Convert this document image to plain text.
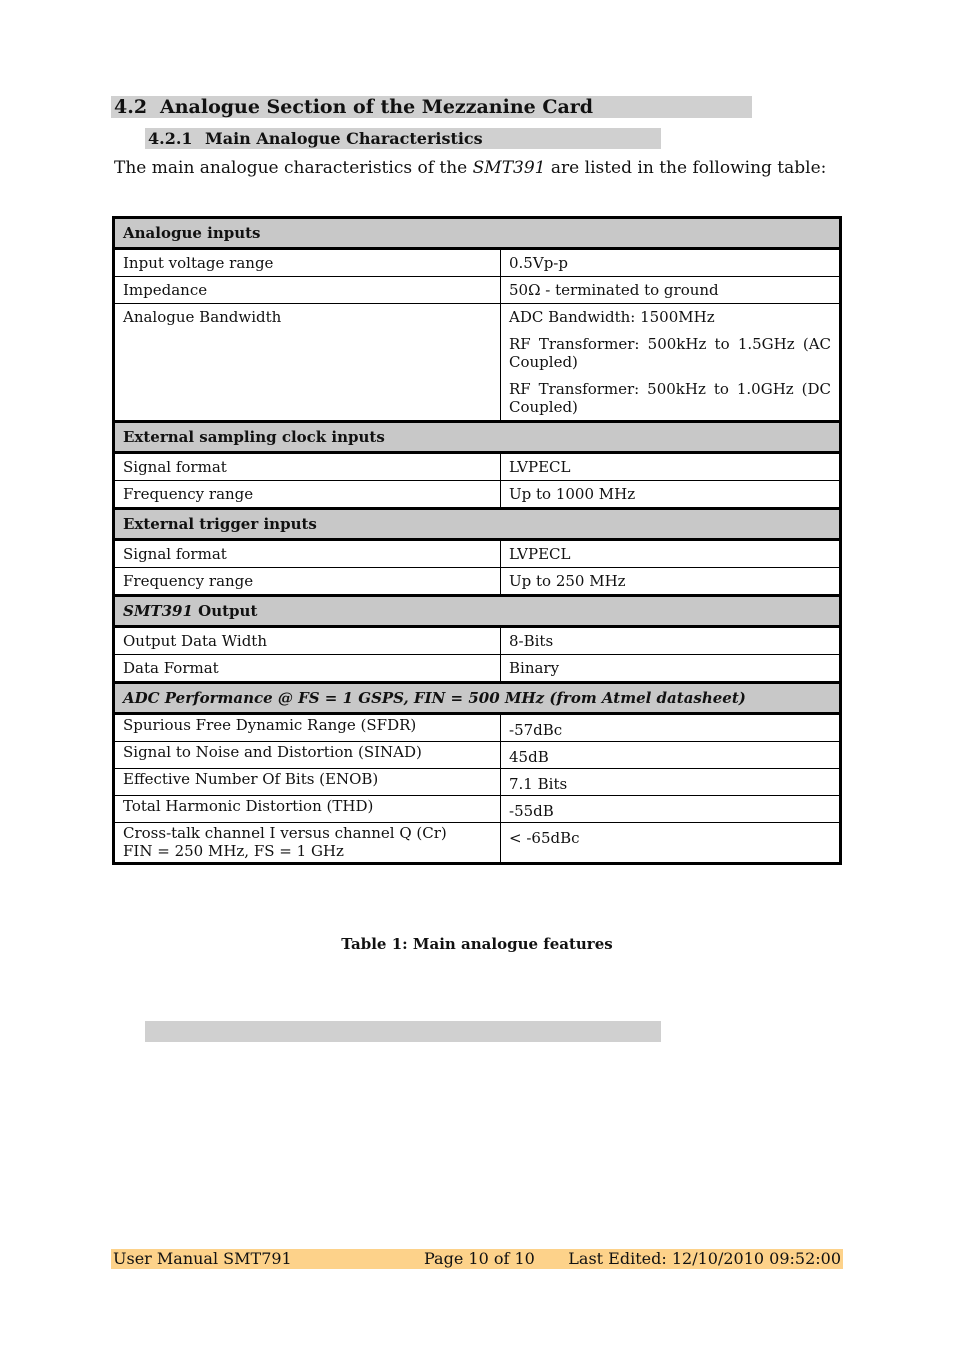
4.2 Analogue Section of the Mezzanine Card
4.2.1 Main Analogue Characteristics
The main analogue characteristics of the SMT391 are listed in the following table:
Analogue inputs	
Input voltage range	0.5Vp-p
Impedance	50Ω - terminated to ground
Analogue Bandwidth	ADC Bandwidth: 1500MHz

RF Transformer: 500kHz to 1.5GHz (AC Coupled)

RF Transformer: 500kHz to 1.0GHz (DC Coupled)

External sampling clock inputs	
Signal format	LVPECL
Frequency range	Up to 1000 MHz
External trigger inputs	
Signal format	LVPECL
Frequency range	Up to 250 MHz
SMT391 Output	
Output Data Width	8-Bits
Data Format	Binary
ADC Performance @ FS = 1 GSPS, FIN = 500 MHz (from Atmel datasheet)	
Spurious Free Dynamic Range (SFDR)	-57dBc
Signal to Noise and Distortion (SINAD)	45dB
Effective Number Of Bits (ENOB)	7.1 Bits
Total Harmonic Distortion (THD)	-55dB

Cross-talk channel I versus channel Q (Cr)
FIN = 250 MHz, FS = 1 GHz	< -65dBc
Table 1: Main analogue features
User Manual SMT791	Page 10 of 10 Last Edited: 12/10/2010 09:52:00
